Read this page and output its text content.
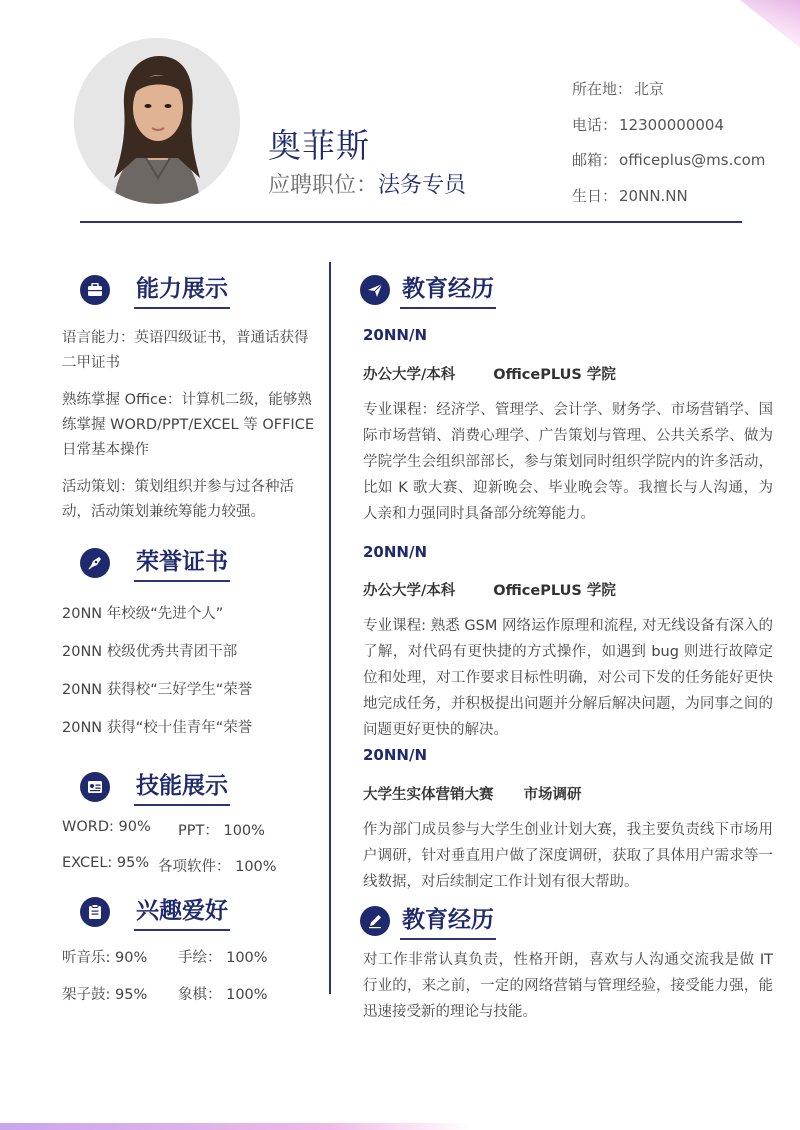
奥菲斯
应聘职位：法务专员
所在地： 北京
电话： 12300000004
邮箱： officeplus@ms.com
生日： 20NN.NN
能力展示
语言能力：英语四级证书，普通话获得二甲证书
熟练掌握 Office：计算机二级，能够熟练掌握 WORD/PPT/EXCEL 等 OFFICE 日常基本操作
活动策划：策划组织并参与过各种活动，活动策划兼统筹能力较强。
荣誉证书
20NN 年校级“先进个人”
20NN 校级优秀共青团干部
20NN 获得校“三好学生“荣誉
20NN 获得“校十佳青年“荣誉
技能展示
WORD: 90% PPT： 100%
EXCEL: 95% 各项软件： 100%
兴趣爱好
听音乐: 90% 手绘： 100%
架子鼓: 95% 象棋： 100%
教育经历
20NN/N
办公大学/本科	OfficePLUS 学院
专业课程：经济学、管理学、会计学、财务学、市场营销学、国际市场营销、消费心理学、广告策划与管理、公共关系学、做为学院学生会组织部部长，参与策划同时组织学院内的许多活动，比如 K 歌大赛、迎新晚会、毕业晚会等。我擅长与人沟通，为人亲和力强同时具备部分统筹能力。
20NN/N
办公大学/本科	OfficePLUS 学院
专业课程: 熟悉 GSM 网络运作原理和流程, 对无线设备有深入的了解，对代码有更快捷的方式操作，如遇到 bug 则进行故障定位和处理，对工作要求目标性明确，对公司下发的任务能好更快地完成任务，并积极提出问题并分解后解决问题，为同事之间的问题更好更快的解决。
20NN/N
大学生实体营销大赛 市场调研
作为部门成员参与大学生创业计划大赛，我主要负责线下市场用户调研，针对垂直用户做了深度调研，获取了具体用户需求等一线数据，对后续制定工作计划有很大帮助。
教育经历
对工作非常认真负责，性格开朗，喜欢与人沟通交流我是做 IT 行业的，来之前，一定的网络营销与管理经验，接受能力强，能迅速接受新的理论与技能。
